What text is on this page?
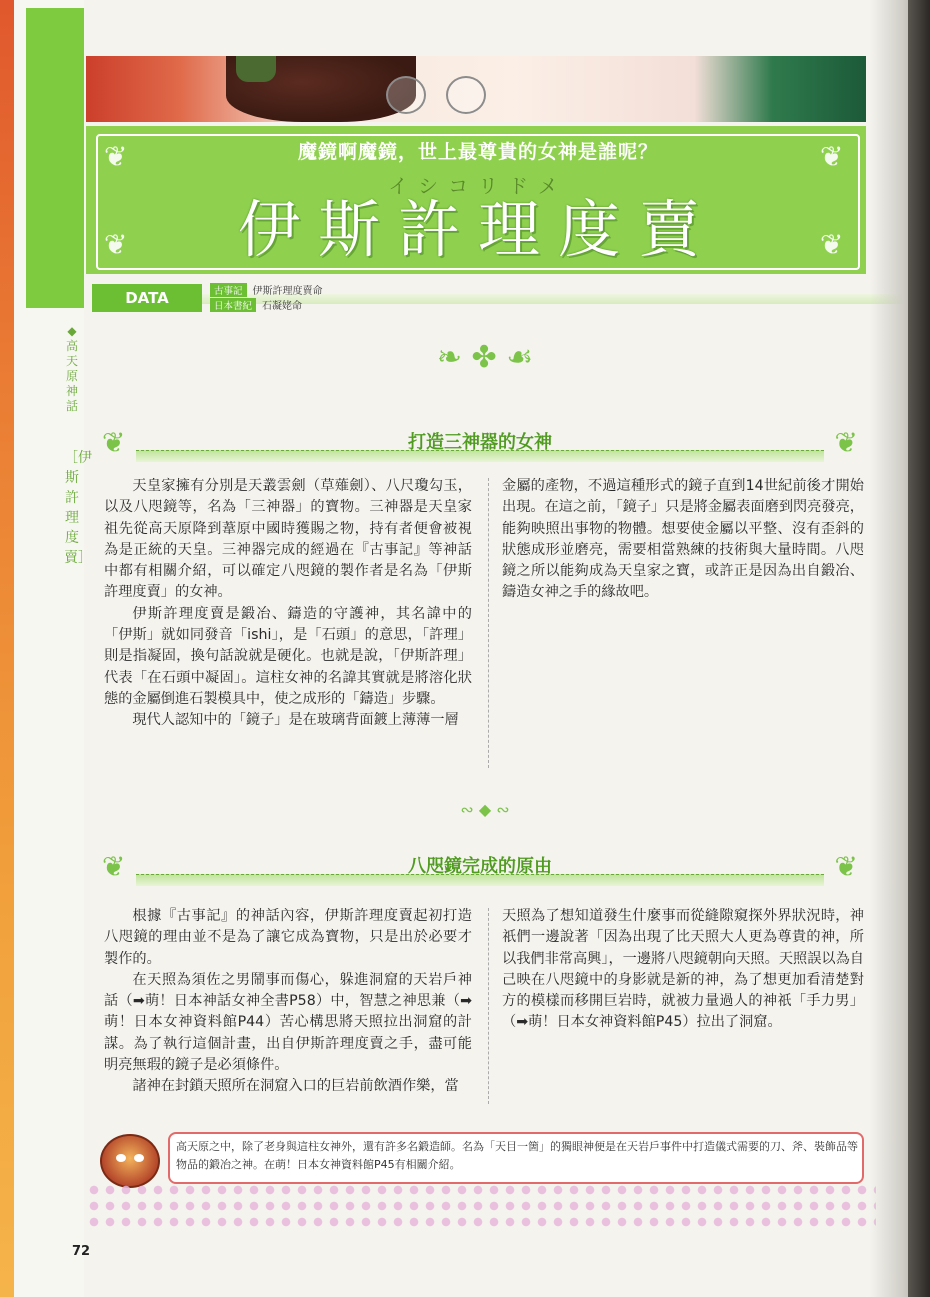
❦	❦
❦	❦
魔鏡啊魔鏡，世上最尊貴的女神是誰呢？
イシコリドメ
伊斯許理度賣
DATA	古事記 伊斯許理度賣命
日本書紀 石凝姥命
◆高天原神話
［伊斯許理度賣］
❧ ✤ ☙
❦	❦
打造三神器的女神

天皇家擁有分別是天叢雲劍（草薙劍）、八尺瓊勾玉，以及八咫鏡等，名為「三神器」的寶物。三神器是天皇家祖先從高天原降到葦原中國時獲賜之物，持有者便會被視為是正統的天皇。三神器完成的經過在『古事記』等神話中都有相關介紹，可以確定八咫鏡的製作者是名為「伊斯許理度賣」的女神。

伊斯許理度賣是鍛冶、鑄造的守護神，其名諱中的「伊斯」就如同發音「ishi」，是「石頭」的意思，「許理」則是指凝固，換句話說就是硬化。也就是說，「伊斯許理」代表「在石頭中凝固」。這柱女神的名諱其實就是將溶化狀態的金屬倒進石製模具中，使之成形的「鑄造」步驟。

現代人認知中的「鏡子」是在玻璃背面鍍上薄薄一層

金屬的產物，不過這種形式的鏡子直到14世紀前後才開始出現。在這之前，「鏡子」只是將金屬表面磨到閃亮發亮，能夠映照出事物的物體。想要使金屬以平整、沒有歪斜的狀態成形並磨亮，需要相當熟練的技術與大量時間。八咫鏡之所以能夠成為天皇家之寶，或許正是因為出自鍛冶、鑄造女神之手的緣故吧。

∾ ◆ ∾
❦	❦
八咫鏡完成的原由

根據『古事記』的神話內容，伊斯許理度賣起初打造八咫鏡的理由並不是為了讓它成為寶物，只是出於必要才製作的。

在天照為須佐之男鬧事而傷心，躲進洞窟的天岩戶神話（➡萌！日本神話女神全書P58）中，智慧之神思兼（➡萌！日本女神資料館P44）苦心構思將天照拉出洞窟的計謀。為了執行這個計畫，出自伊斯許理度賣之手，盡可能明亮無瑕的鏡子是必須條件。

諸神在封鎖天照所在洞窟入口的巨岩前飲酒作樂，當

天照為了想知道發生什麼事而從縫隙窺探外界狀況時，神祇們一邊說著「因為出現了比天照大人更為尊貴的神，所以我們非常高興」，一邊將八咫鏡朝向天照。天照誤以為自己映在八咫鏡中的身影就是新的神，為了想更加看清楚對方的模樣而移開巨岩時，就被力量過人的神祇「手力男」（➡萌！日本女神資料館P45）拉出了洞窟。

高天原之中，除了老身與這柱女神外，還有許多名鍛造師。名為「天目一箇」的獨眼神便是在天岩戶事件中打造儀式需要的刀、斧、裝飾品等物品的鍛冶之神。在萌！日本女神資料館P45有相關介紹。
72
